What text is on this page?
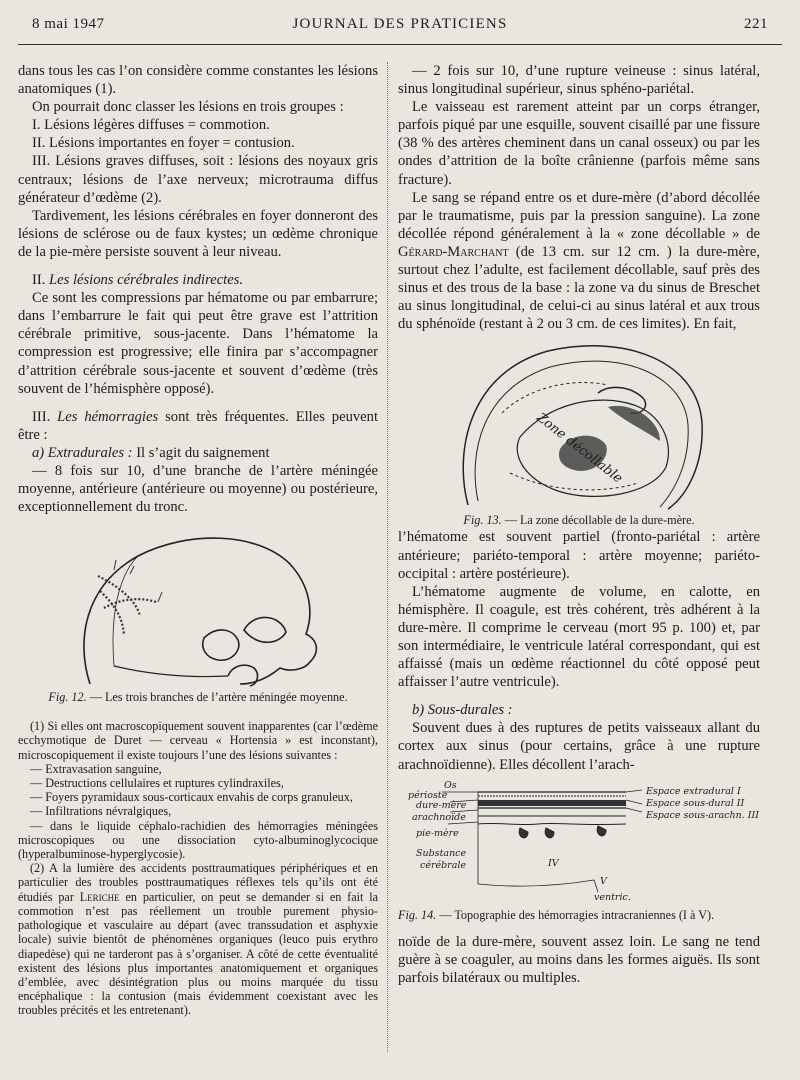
8 mai 1947	JOURNAL DES PRATICIENS	221

dans tous les cas l’on considère comme constantes les lésions anatomiques (1).

On pourrait donc classer les lésions en trois groupes :

I. Lésions légères diffuses = commotion.

II. Lésions importantes en foyer = contusion.

III. Lésions graves diffuses, soit : lésions des noyaux gris centraux; lésions de l’axe nerveux; microtrauma diffus générateur d’œdème (2).

Tardivement, les lésions cérébrales en foyer donneront des lésions de sclérose ou de faux kystes; un œdème chronique de la pie-mère persiste souvent à leur niveau.

II. Les lésions cérébrales indirectes.

Ce sont les compressions par hématome ou par embarrure; dans l’embarrure le fait qui peut être grave est l’attrition cérébrale primitive, sous-jacente. Dans l’hématome la compression est progressive; elle finira par s’accompagner d’attrition cérébrale sous-jacente et souvent d’œdème (très souvent de l’hémisphère opposé).

III. Les hémorragies sont très fréquentes. Elles peuvent être :

a) Extradurales : Il s’agit du saignement

— 8 fois sur 10, d’une branche de l’artère méningée moyenne, antérieure (antérieure ou moyenne) ou postérieure, exceptionnellement du tronc.

Fig. 12. — Les trois branches de l’artère méningée moyenne.

(1) Si elles ont macroscopiquement souvent inapparentes (car l’œdème ecchymotique de Duret — cerveau « Hortensia » est inconstant), microscopiquement il existe toujours l’une des lésions suivantes :

— Extravasation sanguine,

— Destructions cellulaires et ruptures cylindraxiles,

— Foyers pyramidaux sous-corticaux envahis de corps granuleux,

— Infiltrations névralgiques,

— dans le liquide céphalo-rachidien des hémorragies méningées microscopiques ou une dissociation cyto-albuminoglycocique (hyperalbuminose-hyperglycosie).

(2) A la lumière des accidents posttraumatiques périphériques et en particulier des troubles posttraumatiques réflexes tels qu’ils ont été étudiés par Leriche en particulier, on peut se demander si en fait la commotion n’est pas réellement un trouble purement physio-pathologique et vasculaire au départ (avec transsudation et asphyxie locale) suivie bientôt de phénomènes organiques (leuco puis erythro diapedèse) qui ne tarderont pas à s’organiser. A côté de cette éventualité existent des lésions plus importantes anatomiquement et organiques d’emblée, avec désintégration plus ou moins marquée du tissu encéphalique : la contusion (mais évidemment coexistant avec les troubles précités et les entretenant).

— 2 fois sur 10, d’une rupture veineuse : sinus latéral, sinus longitudinal supérieur, sinus sphéno-pariétal.

Le vaisseau est rarement atteint par un corps étranger, parfois piqué par une esquille, souvent cisaillé par une fissure (38 % des artères cheminent dans un canal osseux) ou par les ondes d’attrition de la boîte crânienne (parfois même sans fracture).

Le sang se répand entre os et dure-mère (d’abord décollée par le traumatisme, puis par la pression sanguine). La zone décollée répond généralement à la « zone décollable » de Gérard-Marchant (de 13 cm. sur 12 cm. ) la dure-mère, surtout chez l’adulte, est facilement décollable, sauf près des sinus et des trous de la base : la zone va du sinus de Breschet au sinus longitudinal, de celui-ci au sinus latéral et aux trous du sphénoïde (restant à 2 ou 3 cm. de ces limites). En fait,

Zone décollable

Fig. 13. — La zone décollable de la dure-mère.

l’hématome est souvent partiel (fronto-pariétal : artère antérieure; pariéto-temporal : artère moyenne; pariéto-occipital : artère postérieure).

L’hématome augmente de volume, en calotte, en hémisphère. Il coagule, est très cohérent, très adhérent à la dure-mère. Il comprime le cerveau (mort 95 p. 100) et, par son intermédiaire, le ventricule latéral correspondant, qui est affaissé (mais un œdème réactionnel du côté opposé peut affaisser l’autre ventricule).

b) Sous-durales :

Souvent dues à des ruptures de petits vaisseaux allant du cortex aux sinus (pour certains, grâce à une rupture arachnoïdienne). Elles décollent l’arach-

Os
périoste
dure-mère
arachnoïde
pie-mère
Substance
cérébrale
Espace extradural I
Espace sous-dural II
Espace sous-arachn. III
IV
V
ventric.

Fig. 14. — Topographie des hémorragies intracraniennes (I à V).

noïde de la dure-mère, souvent assez loin. Le sang ne tend guère à se coaguler, au moins dans les formes aiguës. Ils sont parfois bilatéraux ou multiples.
